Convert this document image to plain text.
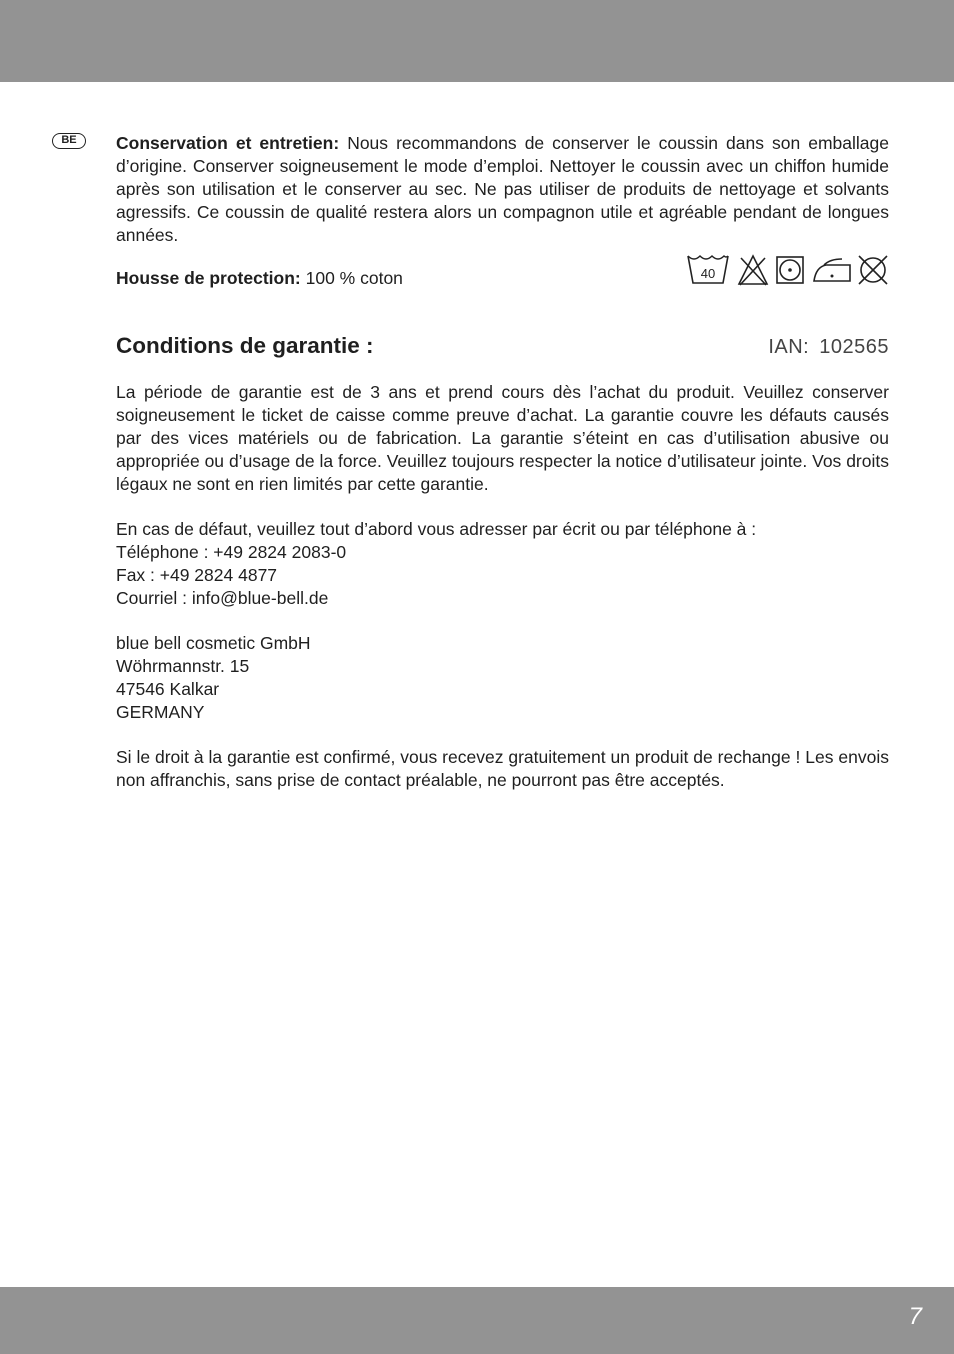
BE	Conservation et entretien: Nous recommandons de conserver le coussin dans son emballage d’origine. Conserver soigneusement le mode d’emploi. Nettoyer le coussin avec un chiffon humide après son utilisation et le conserver au sec. Ne pas utiliser de produits de nettoyage et solvants agressifs. Ce coussin de qualité restera alors un compagnon utile et agréable pendant de longues années.

Housse de protection: 100 % coton	40
Conditions de garantie :	IAN: 102565

La période de garantie est de 3 ans et prend cours dès l’achat du produit. Veuillez conserver soigneusement le ticket de caisse comme preuve d’achat. La garantie couvre les défauts causés par des vices matériels ou de fabrication. La garantie s’éteint en cas d’utilisation abusive ou appropriée ou d’usage de la force. Veuillez toujours respecter la notice d’utilisateur jointe. Vos droits légaux ne sont en rien limités par cette garantie.

En cas de défaut, veuillez tout d’abord vous adresser par écrit ou par téléphone à :
Téléphone : +49 2824 2083-0
Fax : +49 2824 4877
Courriel : info@blue-bell.de
blue bell cosmetic GmbH
Wöhrmannstr. 15
47546 Kalkar
GERMANY

Si le droit à la garantie est confirmé, vous recevez gratuitement un produit de rechange ! Les envois non affranchis, sans prise de contact préalable, ne pourront pas être acceptés.

7
